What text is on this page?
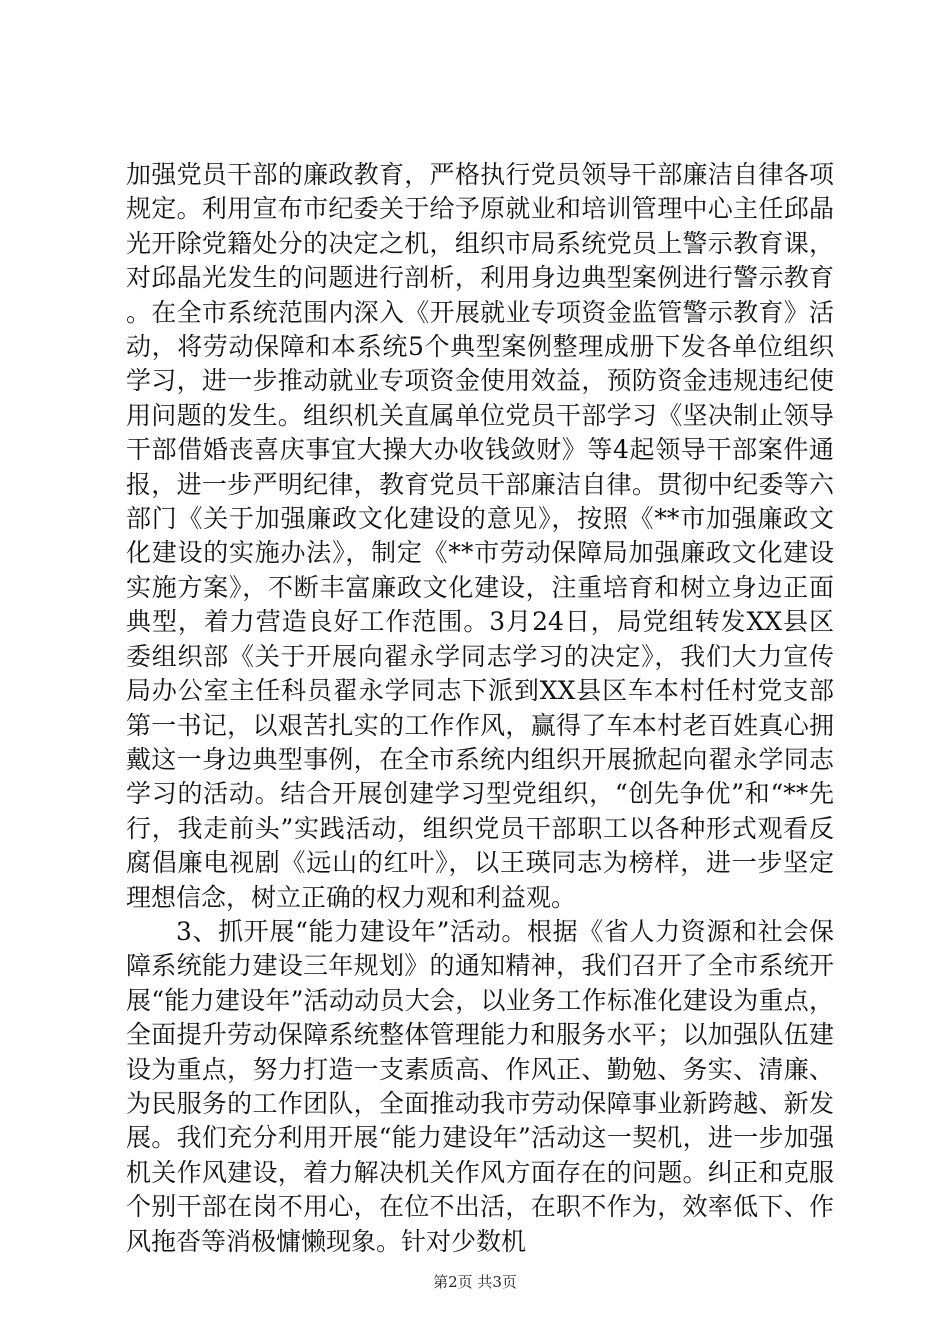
加强党员干部的廉政教育，严格执行党员领导干部廉洁自律各项规定。利用宣布市纪委关于给予原就业和培训管理中心主任邱晶光开除党籍处分的决定之机，组织市局系统党员上警示教育课，对邱晶光发生的问题进行剖析，利用身边典型案例进行警示教育。在全市系统范围内深入《开展就业专项资金监管警示教育》活动，将劳动保障和本系统5个典型案例整理成册下发各单位组织学习，进一步推动就业专项资金使用效益，预防资金违规违纪使用问题的发生。组织机关直属单位党员干部学习《坚决制止领导干部借婚丧喜庆事宜大操大办收钱敛财》等4起领导干部案件通报，进一步严明纪律，教育党员干部廉洁自律。贯彻中纪委等六部门《关于加强廉政文化建设的意见》，按照《**市加强廉政文化建设的实施办法》，制定《**市劳动保障局加强廉政文化建设实施方案》，不断丰富廉政文化建设，注重培育和树立身边正面典型，着力营造良好工作范围。3月24日，局党组转发XX县区委组织部《关于开展向翟永学同志学习的决定》，我们大力宣传局办公室主任科员翟永学同志下派到XX县区车本村任村党支部第一书记，以艰苦扎实的工作作风，赢得了车本村老百姓真心拥戴这一身边典型事例，在全市系统内组织开展掀起向翟永学同志学习的活动。结合开展创建学习型党组织，“创先争优”和“**先行，我走前头”实践活动，组织党员干部职工以各种形式观看反腐倡廉电视剧《远山的红叶》，以王瑛同志为榜样，进一步坚定理想信念，树立正确的权力观和利益观。

3、抓开展“能力建设年”活动。根据《省人力资源和社会保障系统能力建设三年规划》的通知精神，我们召开了全市系统开展“能力建设年”活动动员大会，以业务工作标准化建设为重点，全面提升劳动保障系统整体管理能力和服务水平；以加强队伍建设为重点，努力打造一支素质高、作风正、勤勉、务实、清廉、为民服务的工作团队，全面推动我市劳动保障事业新跨越、新发展。我们充分利用开展“能力建设年”活动这一契机，进一步加强机关作风建设，着力解决机关作风方面存在的问题。纠正和克服个别干部在岗不用心，在位不出活，在职不作为，效率低下、作风拖沓等消极慵懒现象。针对少数机

第2页 共3页
